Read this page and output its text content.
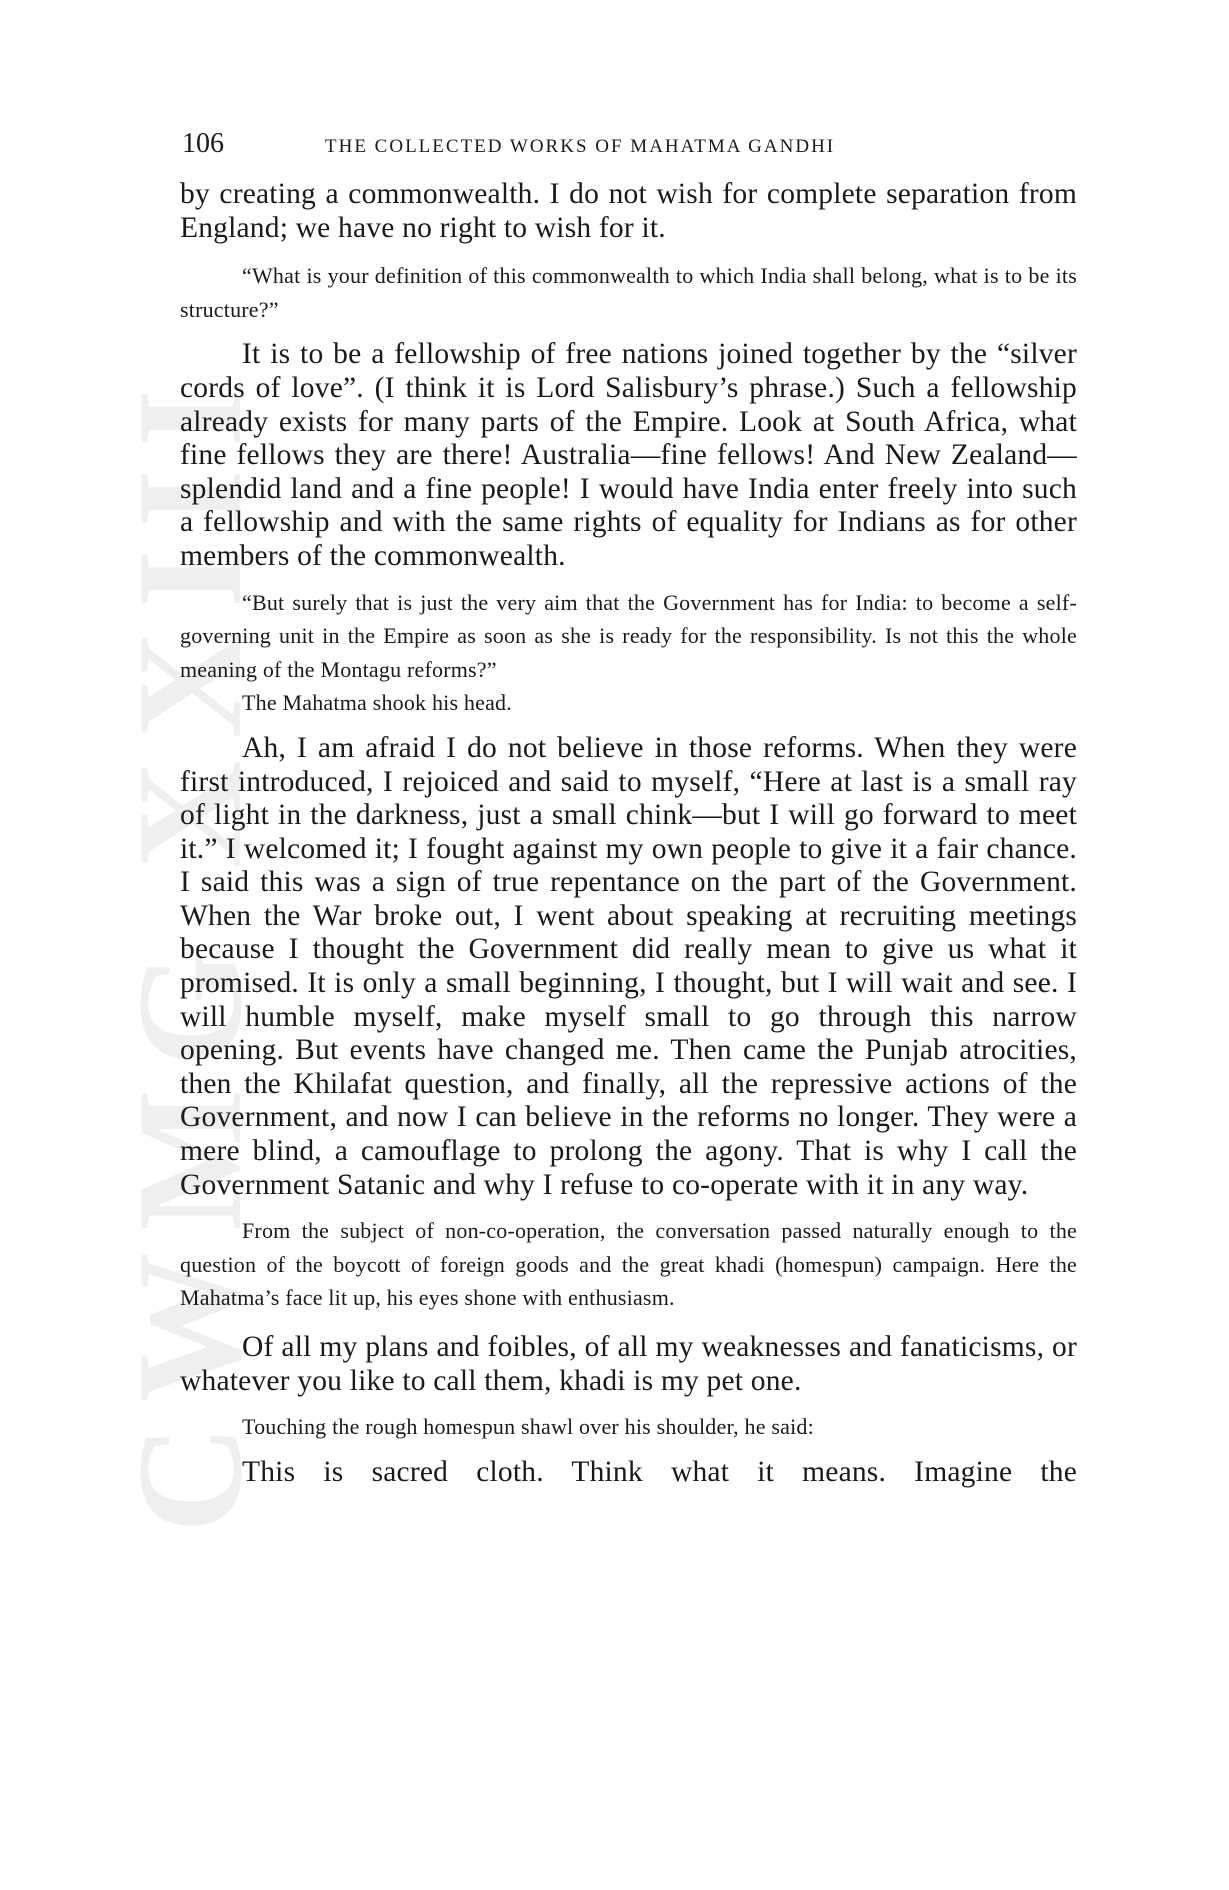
CWMG XXIII
106	THE COLLECTED WORKS OF MAHATMA GANDHI

by creating a commonwealth. I do not wish for complete separation from England; we have no right to wish for it.

“What is your definition of this commonwealth to which India shall belong, what is to be its structure?”

It is to be a fellowship of free nations joined together by the “silver cords of love”. (I think it is Lord Salisbury’s phrase.) Such a fellowship already exists for many parts of the Empire. Look at South Africa, what fine fellows they are there! Australia—fine fellows! And New Zealand—splendid land and a fine people! I would have India enter freely into such a fellowship and with the same rights of equality for Indians as for other members of the commonwealth.

“But surely that is just the very aim that the Government has for India: to become a self-governing unit in the Empire as soon as she is ready for the responsibility. Is not this the whole meaning of the Montagu reforms?”

The Mahatma shook his head.

Ah, I am afraid I do not believe in those reforms. When they were first introduced, I rejoiced and said to myself, “Here at last is a small ray of light in the darkness, just a small chink—but I will go forward to meet it.” I welcomed it; I fought against my own people to give it a fair chance. I said this was a sign of true repentance on the part of the Government. When the War broke out, I went about speaking at recruiting meetings because I thought the Government did really mean to give us what it promised. It is only a small beginning, I thought, but I will wait and see. I will humble myself, make myself small to go through this narrow opening. But events have changed me. Then came the Punjab atrocities, then the Khilafat question, and finally, all the repressive actions of the Government, and now I can believe in the reforms no longer. They were a mere blind, a camouflage to prolong the agony. That is why I call the Government Satanic and why I refuse to co-operate with it in any way.

From the subject of non-co-operation, the conversation passed naturally enough to the question of the boycott of foreign goods and the great khadi (homespun) campaign. Here the Mahatma’s face lit up, his eyes shone with enthusiasm.

Of all my plans and foibles, of all my weaknesses and fanaticisms, or whatever you like to call them, khadi is my pet one.

Touching the rough homespun shawl over his shoulder, he said:

This is sacred cloth. Think what it means. Imagine the
